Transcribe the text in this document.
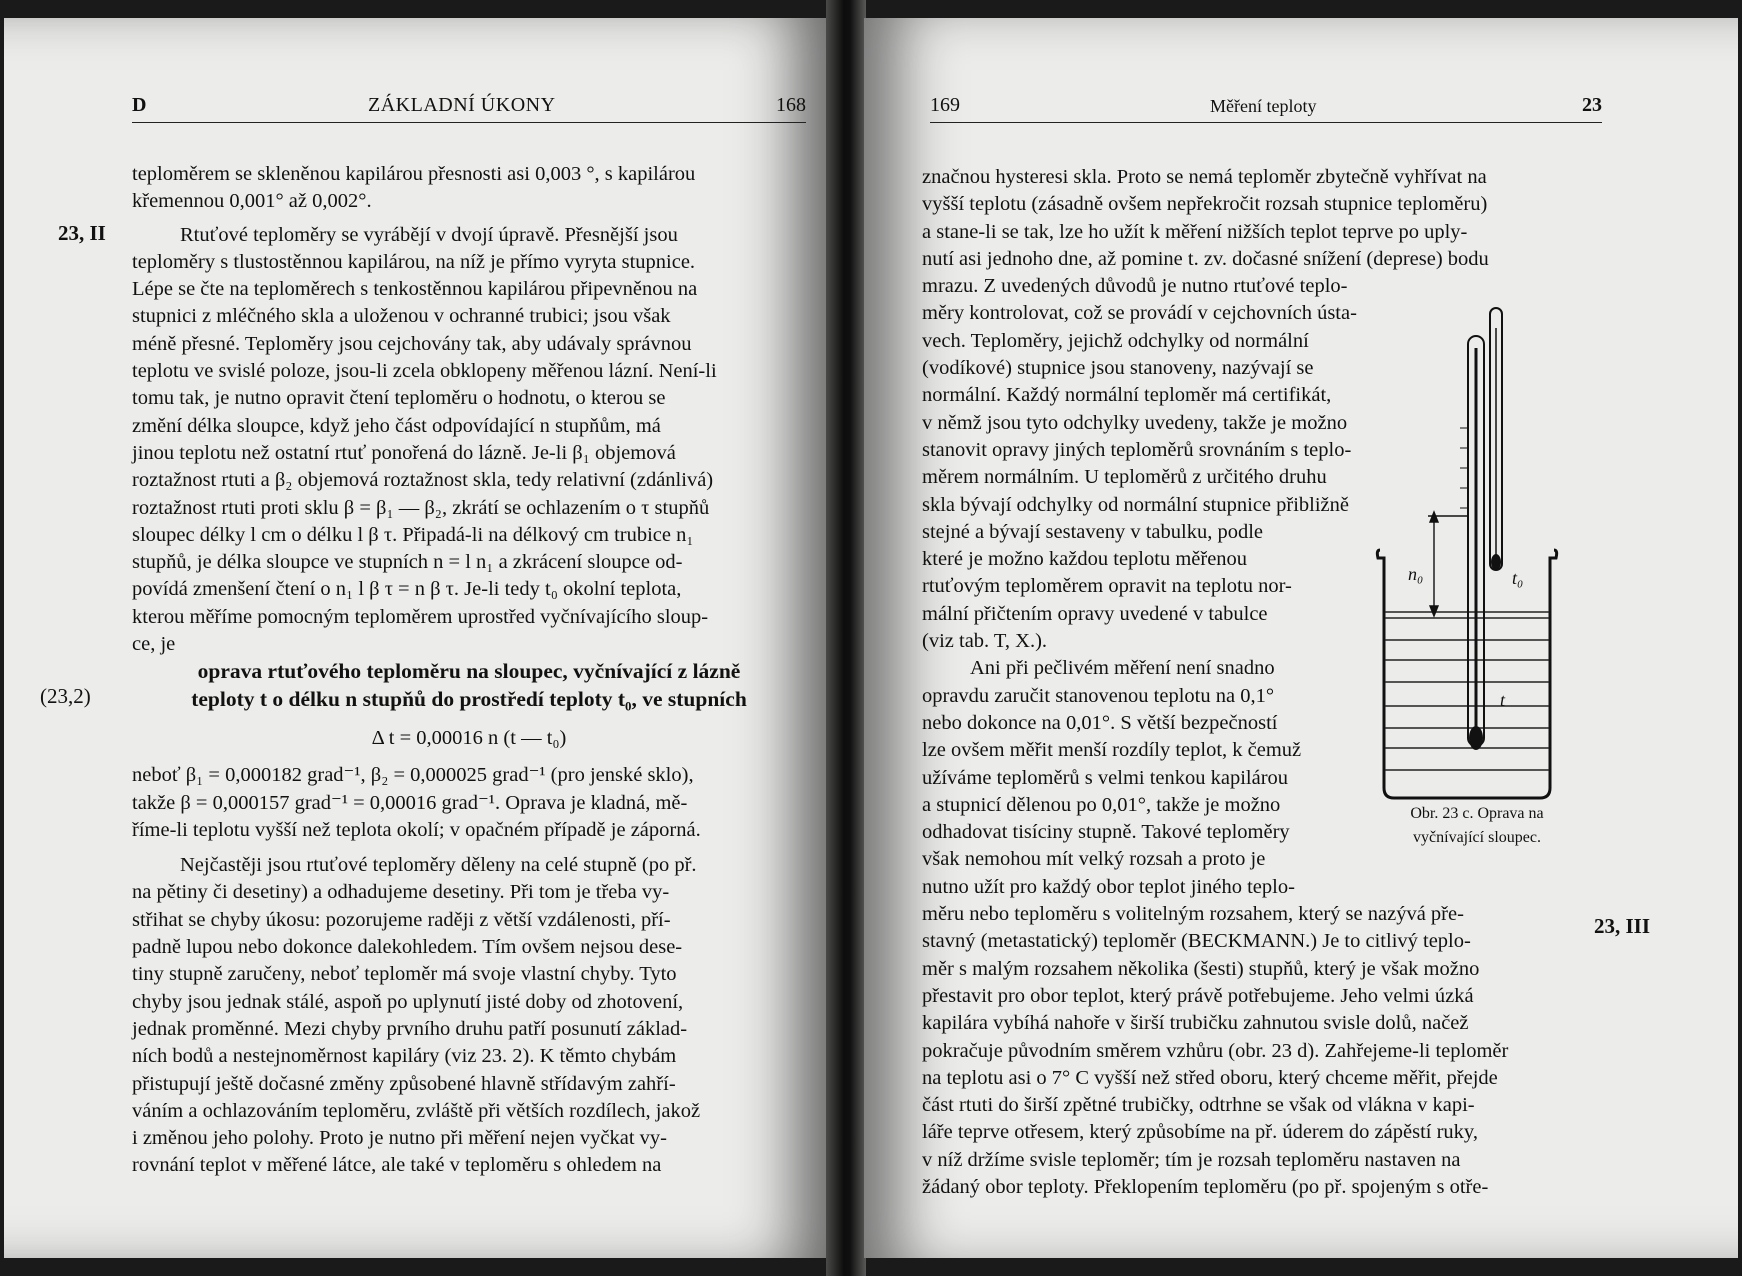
D	ZÁKLADNÍ ÚKONY	168
23, II
(23,2)

teploměrem se skleněnou kapilárou přesnosti asi 0,003 °, s kapilárou

křemennou 0,001° až 0,002°.

Rtuťové teploměry se vyrábějí v dvojí úpravě. Přesnější jsou

teploměry s tlustostěnnou kapilárou, na níž je přímo vyryta stupnice.

Lépe se čte na teploměrech s tenkostěnnou kapilárou připevněnou na

stupnici z mléčného skla a uloženou v ochranné trubici; jsou však

méně přesné. Teploměry jsou cejchovány tak, aby udávaly správnou

teplotu ve svislé poloze, jsou-li zcela obklopeny měřenou lázní. Není-li

tomu tak, je nutno opravit čtení teploměru o hodnotu, o kterou se

změní délka sloupce, když jeho část odpovídající n stupňům, má

jinou teplotu než ostatní rtuť ponořená do lázně. Je-li β₁ objemová

roztažnost rtuti a β₂ objemová roztažnost skla, tedy relativní (zdánlivá)

roztažnost rtuti proti sklu β = β₁ — β₂, zkrátí se ochlazením o τ stupňů

sloupec délky l cm o délku l β τ. Připadá-li na délkový cm trubice n₁

stupňů, je délka sloupce ve stupních n = l n₁ a zkrácení sloupce od-

povídá zmenšení čtení o n₁ l β τ = n β τ. Je-li tedy t₀ okolní teplota,

kterou měříme pomocným teploměrem uprostřed vyčnívajícího sloup-

ce, je

oprava rtuťového teploměru na sloupec, vyčnívající z lázně

teploty t o délku n stupňů do prostředí teploty t₀, ve stupních

Δ t = 0,00016 n (t — t₀)

neboť β₁ = 0,000182 grad⁻¹, β₂ = 0,000025 grad⁻¹ (pro jenské sklo),

takže β = 0,000157 grad⁻¹ = 0,00016 grad⁻¹. Oprava je kladná, mě-

říme-li teplotu vyšší než teplota okolí; v opačném případě je záporná.

Nejčastěji jsou rtuťové teploměry děleny na celé stupně (po př.

na pětiny či desetiny) a odhadujeme desetiny. Při tom je třeba vy-

střihat se chyby úkosu: pozorujeme raději z větší vzdálenosti, pří-

padně lupou nebo dokonce dalekohledem. Tím ovšem nejsou dese-

tiny stupně zaručeny, neboť teploměr má svoje vlastní chyby. Tyto

chyby jsou jednak stálé, aspoň po uplynutí jisté doby od zhotovení,

jednak proměnné. Mezi chyby prvního druhu patří posunutí základ-

ních bodů a nestejnoměrnost kapiláry (viz 23. 2). K těmto chybám

přistupují ještě dočasné změny způsobené hlavně střídavým zahří-

váním a ochlazováním teploměru, zvláště při větších rozdílech, jakož

i změnou jeho polohy. Proto je nutno při měření nejen vyčkat vy-

rovnání teplot v měřené látce, ale také v teploměru s ohledem na

169	Měření teploty	23
23, III

značnou hysteresi skla. Proto se nemá teploměr zbytečně vyhřívat na

vyšší teplotu (zásadně ovšem nepřekročit rozsah stupnice teploměru)

a stane-li se tak, lze ho užít k měření nižších teplot teprve po uply-

nutí asi jednoho dne, až pomine t. zv. dočasné snížení (deprese) bodu

mrazu. Z uvedených důvodů je nutno rtuťové teplo-

měry kontrolovat, což se provádí v cejchovních ústa-

vech. Teploměry, jejichž odchylky od normální

(vodíkové) stupnice jsou stanoveny, nazývají se

normální. Každý normální teploměr má certifikát,

v němž jsou tyto odchylky uvedeny, takže je možno

stanovit opravy jiných teploměrů srovnáním s teplo-

měrem normálním. U teploměrů z určitého druhu

skla bývají odchylky od normální stupnice přibližně

stejné a bývají sestaveny v tabulku, podle

které je možno každou teplotu měřenou

rtuťovým teploměrem opravit na teplotu nor-

mální přičtením opravy uvedené v tabulce

(viz tab. T, X.).

Ani při pečlivém měření není snadno

opravdu zaručit stanovenou teplotu na 0,1°

nebo dokonce na 0,01°. S větší bezpečností

lze ovšem měřit menší rozdíly teplot, k čemuž

užíváme teploměrů s velmi tenkou kapilárou

a stupnicí dělenou po 0,01°, takže je možno

odhadovat tisíciny stupně. Takové teploměry

však nemohou mít velký rozsah a proto je

nutno užít pro každý obor teplot jiného teplo-

měru nebo teploměru s volitelným rozsahem, který se nazývá pře-

stavný (metastatický) teploměr (BECKMANN.) Je to citlivý teplo-

měr s malým rozsahem několika (šesti) stupňů, který je však možno

přestavit pro obor teplot, který právě potřebujeme. Jeho velmi úzká

kapilára vybíhá nahoře v širší trubičku zahnutou svisle dolů, načež

pokračuje původním směrem vzhůru (obr. 23 d). Zahřejeme-li teploměr

na teplotu asi o 7° C vyšší než střed oboru, který chceme měřit, přejde

část rtuti do širší zpětné trubičky, odtrhne se však od vlákna v kapi-

láře teprve otřesem, který způsobíme na př. úderem do zápěstí ruky,

v níž držíme svisle teploměr; tím je rozsah teploměru nastaven na

žádaný obor teploty. Překlopením teploměru (po př. spojeným s otře-

n₀	t₀
t
Obr. 23 c. Oprava na
vyčnívající sloupec.
